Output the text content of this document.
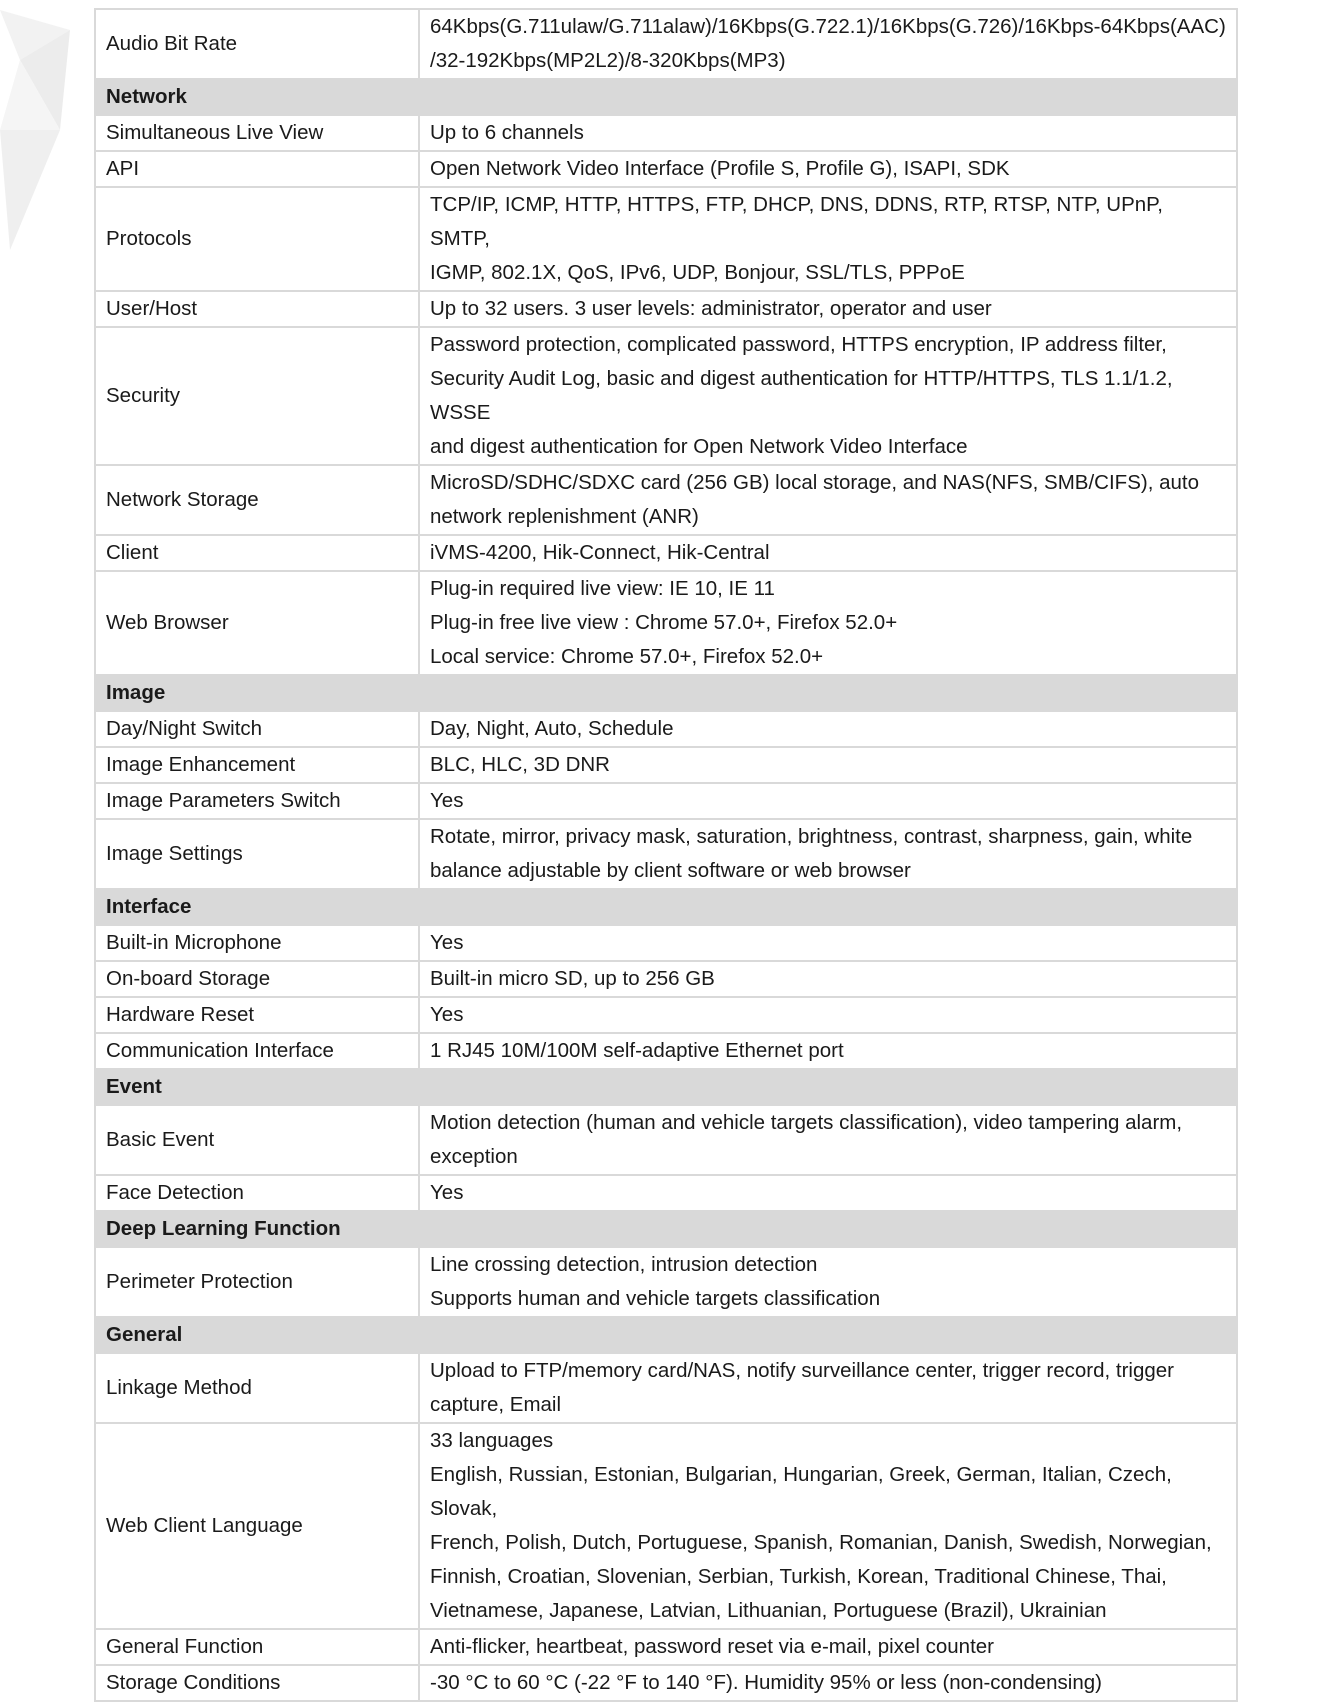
Audio Bit Rate	64Kbps(G.711ulaw/G.711alaw)/16Kbps(G.722.1)/16Kbps(G.726)/16Kbps-64Kbps(AAC)
/32-192Kbps(MP2L2)/8-320Kbps(MP3)

Network	
Simultaneous Live View	Up to 6 channels

API	Open Network Video Interface (Profile S, Profile G), ISAPI, SDK

Protocols	TCP/IP, ICMP, HTTP, HTTPS, FTP, DHCP, DNS, DDNS, RTP, RTSP, NTP, UPnP, SMTP,
IGMP, 802.1X, QoS, IPv6, UDP, Bonjour, SSL/TLS, PPPoE

User/Host	Up to 32 users. 3 user levels: administrator, operator and user

Security	Password protection, complicated password, HTTPS encryption, IP address filter,
Security Audit Log, basic and digest authentication for HTTP/HTTPS, TLS 1.1/1.2, WSSE
and digest authentication for Open Network Video Interface

Network Storage	MicroSD/SDHC/SDXC card (256 GB) local storage, and NAS(NFS, SMB/CIFS), auto
network replenishment (ANR)

Client	iVMS-4200, Hik-Connect, Hik-Central

Web Browser	Plug-in required live view: IE 10, IE 11
Plug-in free live view : Chrome 57.0+, Firefox 52.0+
Local service: Chrome 57.0+, Firefox 52.0+

Image	
Day/Night Switch	Day, Night, Auto, Schedule

Image Enhancement	BLC, HLC, 3D DNR

Image Parameters Switch	Yes

Image Settings	Rotate, mirror, privacy mask, saturation, brightness, contrast, sharpness, gain, white
balance adjustable by client software or web browser

Interface	
Built-in Microphone	Yes

On-board Storage	Built-in micro SD, up to 256 GB

Hardware Reset	Yes

Communication Interface	1 RJ45 10M/100M self-adaptive Ethernet port

Event	
Basic Event	Motion detection (human and vehicle targets classification), video tampering alarm,
exception

Face Detection	Yes

Deep Learning Function	
Perimeter Protection	Line crossing detection, intrusion detection
Supports human and vehicle targets classification

General	
Linkage Method	Upload to FTP/memory card/NAS, notify surveillance center, trigger record, trigger
capture, Email

Web Client Language	33 languages
English, Russian, Estonian, Bulgarian, Hungarian, Greek, German, Italian, Czech, Slovak,
French, Polish, Dutch, Portuguese, Spanish, Romanian, Danish, Swedish, Norwegian,
Finnish, Croatian, Slovenian, Serbian, Turkish, Korean, Traditional Chinese, Thai,
Vietnamese, Japanese, Latvian, Lithuanian, Portuguese (Brazil), Ukrainian

General Function	Anti-flicker, heartbeat, password reset via e-mail, pixel counter

Storage Conditions	-30 °C to 60 °C (-22 °F to 140 °F). Humidity 95% or less (non-condensing)
